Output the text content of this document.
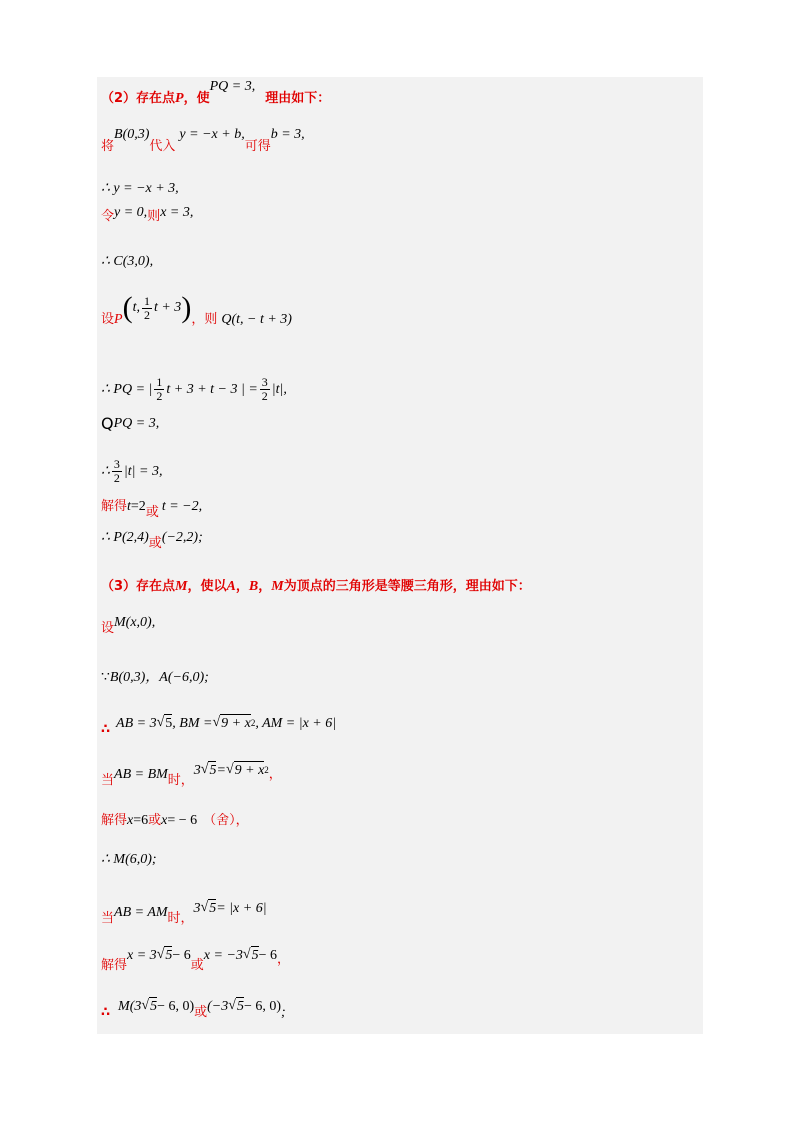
（2）存在点 P ，使
PQ = 3,
理由如下：
将
B(0,3)
代入
y = −x + b,
可得
b = 3,
∴ y = −x + 3,
令 y = 0, 则 x = 3,
∴ C(3,0),
设 P ( t, $\frac{1}{2}$ t + 3 ) ，则 Q(t, − t + 3)
∴ PQ = | $\frac{1}{2}$ t + 3 + t − 3 | = $\frac{3}{2} |t|$,
Q PQ = 3,
∴ $\frac{3}{2} |t| = 3$,
解得 t =2 或 t = −2,
∴ P(2,4) 或 (−2,2);
（3）存在点 M ，使以 A ， B ， M 为顶点的三角形是等腰三角形，理由如下：
设 M(x,0),
∵ B(0,3)，A(−6,0);
∴ AB = 3 √ 5 , BM = √ 9 + x 2 , AM = |x + 6|
当 AB = BM 时，
3 √ 5 = √ 9 + x 2 ，
解得 x =6 或 x = − 6 （舍），
∴ M(6,0);
当 AB = AM 时，
3 √ 5 = |x + 6|
解得
x = 3 √ 5 − 6
或
x = −3 √ 5 − 6 ，
∴ M(3 √ 5 − 6, 0) 或 (−3 √ 5 − 6, 0) ;
